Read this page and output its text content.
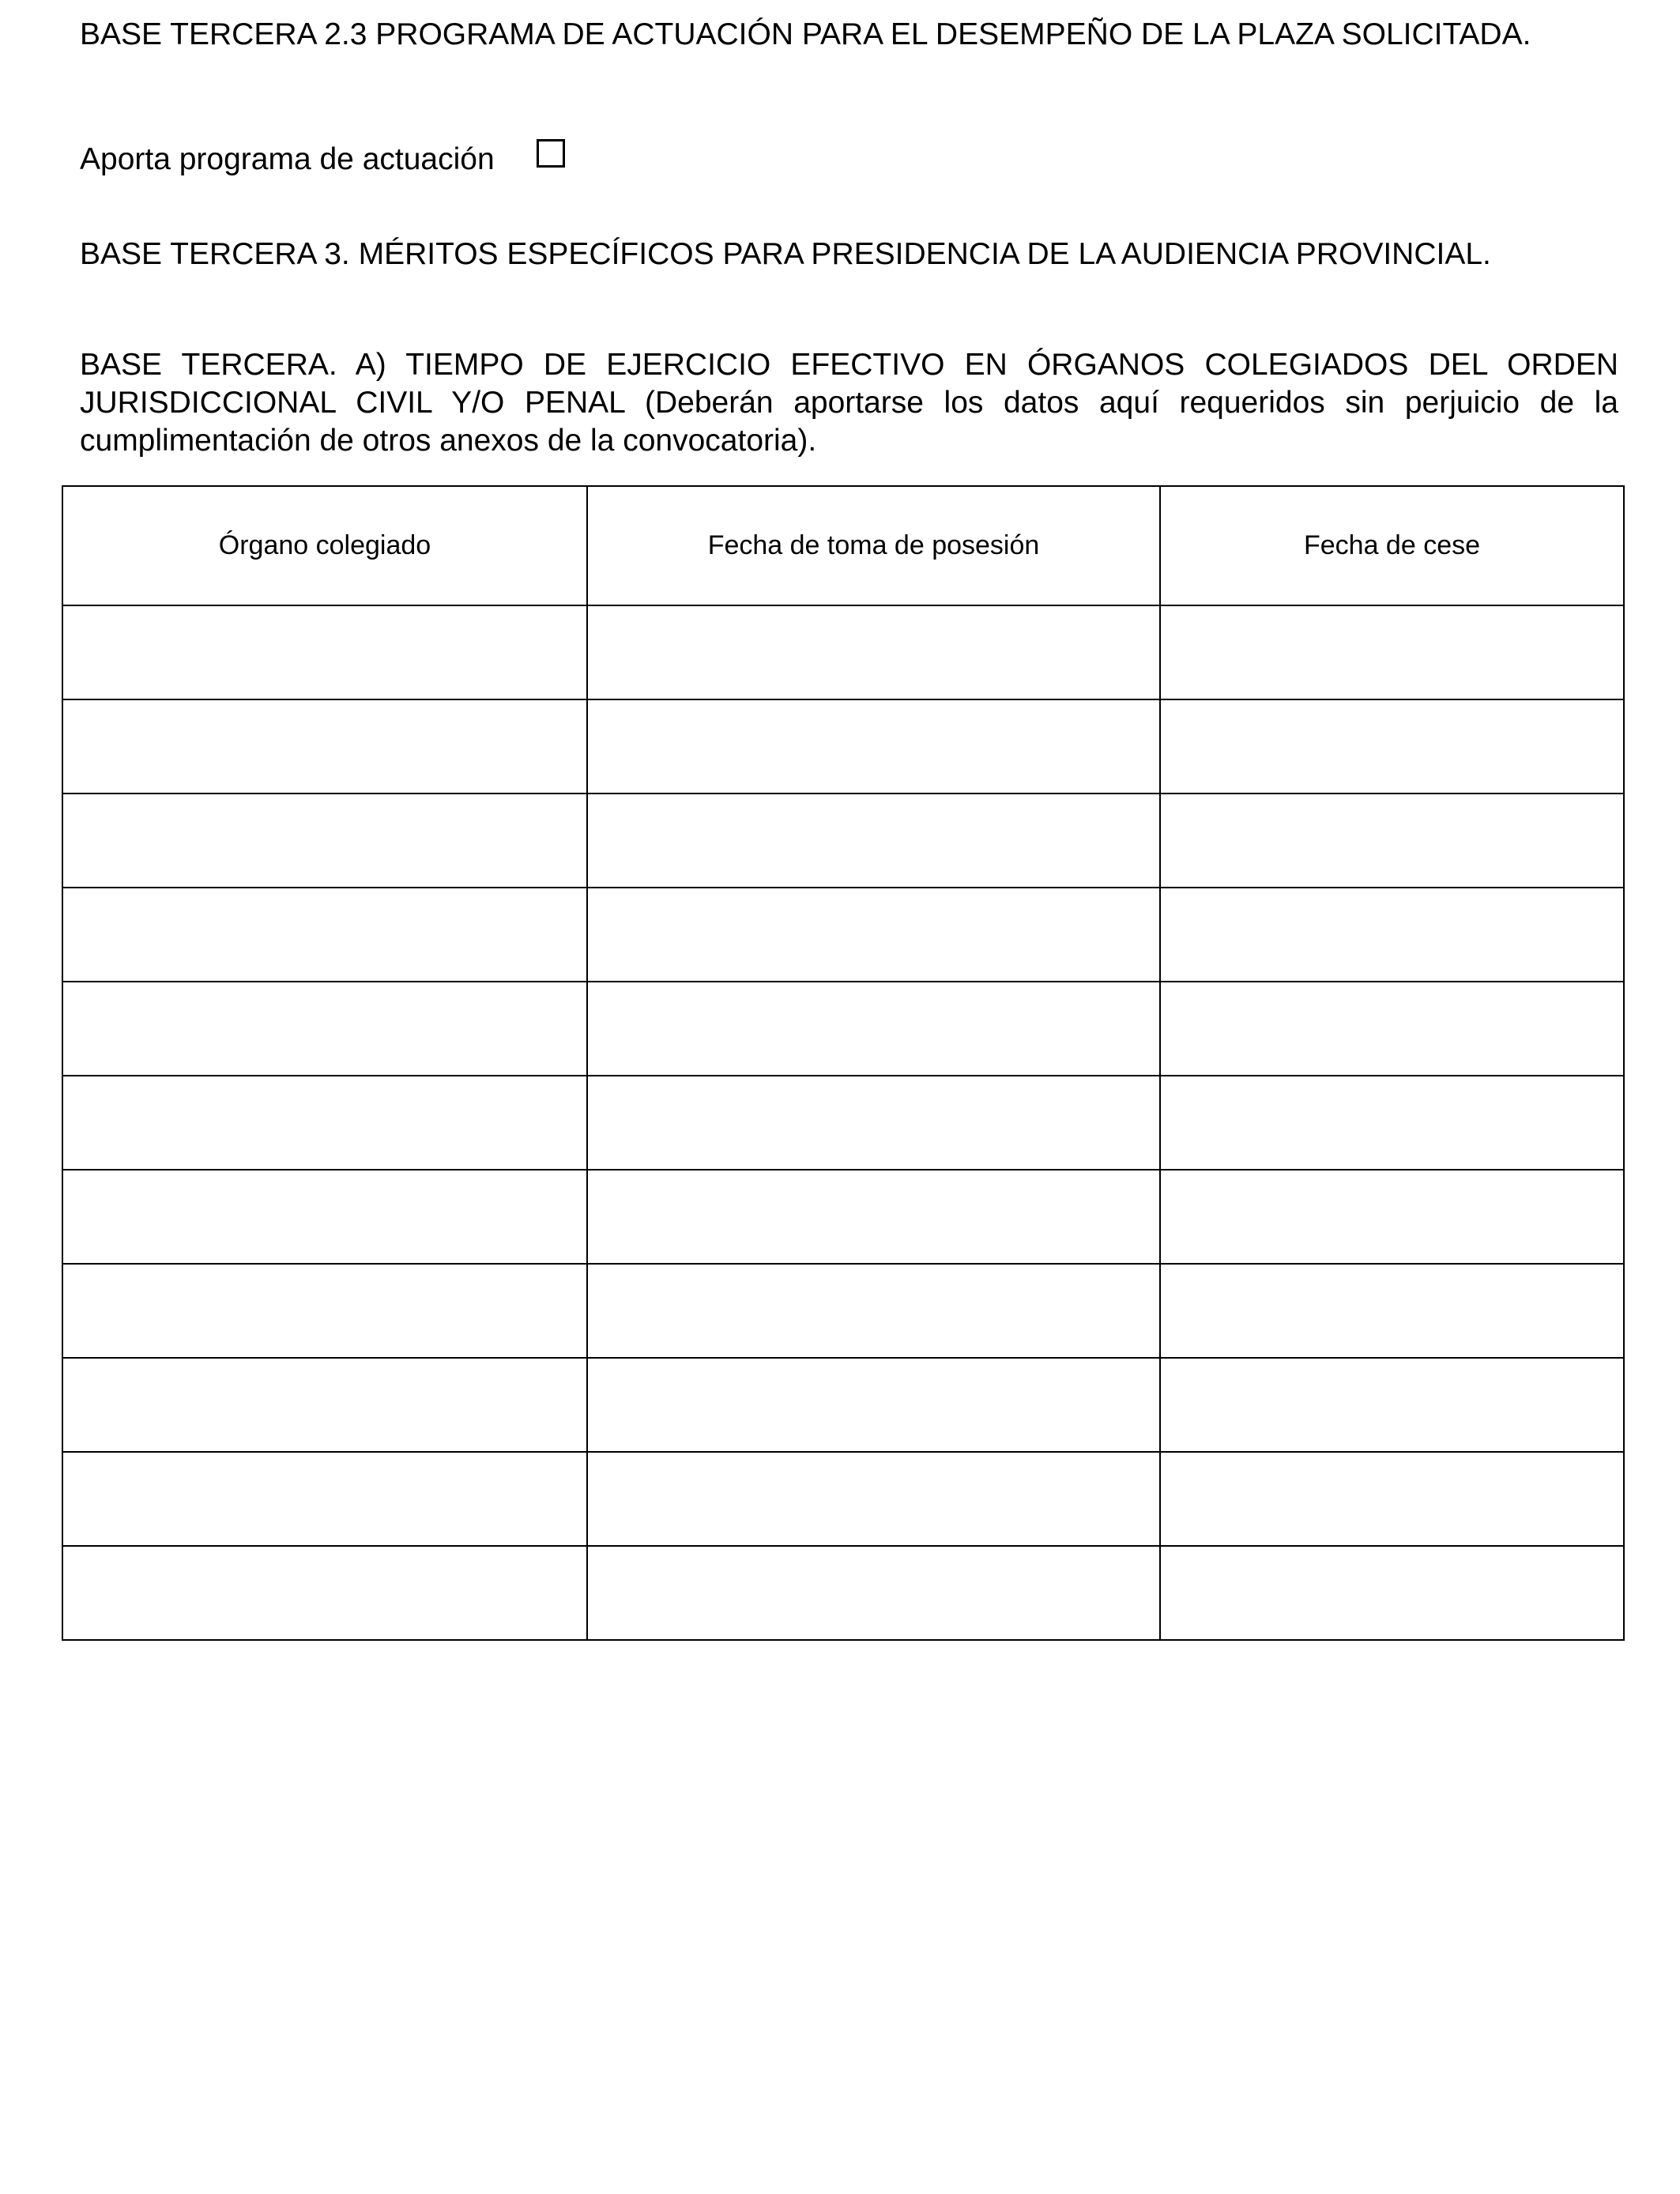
BASE TERCERA 2.3 PROGRAMA DE ACTUACIÓN PARA EL DESEMPEÑO DE LA PLAZA SOLICITADA.
Aporta programa de actuación
BASE TERCERA 3. MÉRITOS ESPECÍFICOS PARA PRESIDENCIA DE LA AUDIENCIA PROVINCIAL.
BASE TERCERA. A) TIEMPO DE EJERCICIO EFECTIVO EN ÓRGANOS COLEGIADOS DEL ORDEN JURISDICCIONAL CIVIL Y/O PENAL (Deberán aportarse los datos aquí requeridos sin perjuicio de la cumplimentación de otros anexos de la convocatoria).
Órgano colegiado	Fecha de toma de posesión	Fecha de cese
